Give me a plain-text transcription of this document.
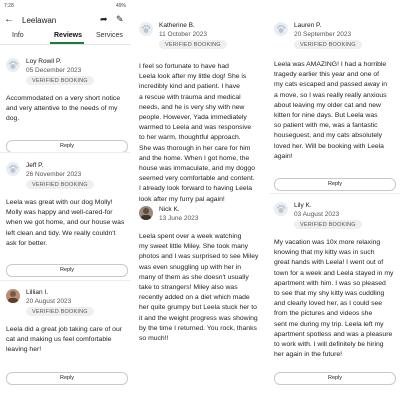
7:28	49%
← Leelawan	➦ ✎
Info	Reviews Services
Loy Rowil P.
05 December 2023
VERIFIED BOOKING
Accommodated on a very short notice
and very attentive to the needs of my
dog.
Reply
Jeff P.
26 November 2023
VERIFIED BOOKING
Leela was great with our dog Molly!
Molly was happy and well-cared-for
when we got home, and our house was
left clean and tidy. We really couldn't
ask for better.
Reply
Lillian I.
20 August 2023
VERIFIED BOOKING
Leela did a great job taking care of our
cat and making us feel comfortable
leaving her!
Reply
Katherine B.
11 October 2023
VERIFIED BOOKING
I feel so fortunate to have had
Leela look after my little dog! She is
incredibly kind and patient. I have
a rescue with trauma and medical
needs, and he is very shy with new
people. However, Yada immediately
warmed to Leela and was responsive
to her warm, thoughtful approach.
She was thorough in her care for him
and the home. When I got home, the
house was immaculate, and my doggo
seemed very comfortable and content.
I already look forward to having Leela
look after my furry pal again!
Nick K.
13 June 2023
Leela spent over a week watching
my sweet little Miley. She took many
photos and I was surprised to see Miley
was even snuggling up with her in
many of them as she doesn't usually
take to strangers! Miley also was
recently added on a diet which made
her quite grumpy but Leela stuck her to
it and the weight progress was showing
by the time I returned. You rock, thanks
so much!!
Lauren P.
20 September 2023
VERIFIED BOOKING
Leela was AMAZING! I had a horrible
tragedy earlier this year and one of
my cats escaped and passed away in
a move, so I was really really anxious
about leaving my older cat and new
kitten for nine days. But Leela was
so patient with me, was a fantastic
houseguest, and my cats absolutely
loved her. Will be booking with Leela
again!
Reply
Lily K.
03 August 2023
VERIFIED BOOKING
My vacation was 10x more relaxing
knowing that my kitty was in such
great hands with Leela! I went out of
town for a week and Leela stayed in my
apartment with him. I was so pleased
to see that my shy kitty was cuddling
and clearly loved her, as I could see
from the pictures and videos she
sent me during my trip. Leela left my
apartment spotless and was a pleasure
to work with. I will definitely be hiring
her again in the future!
Reply
